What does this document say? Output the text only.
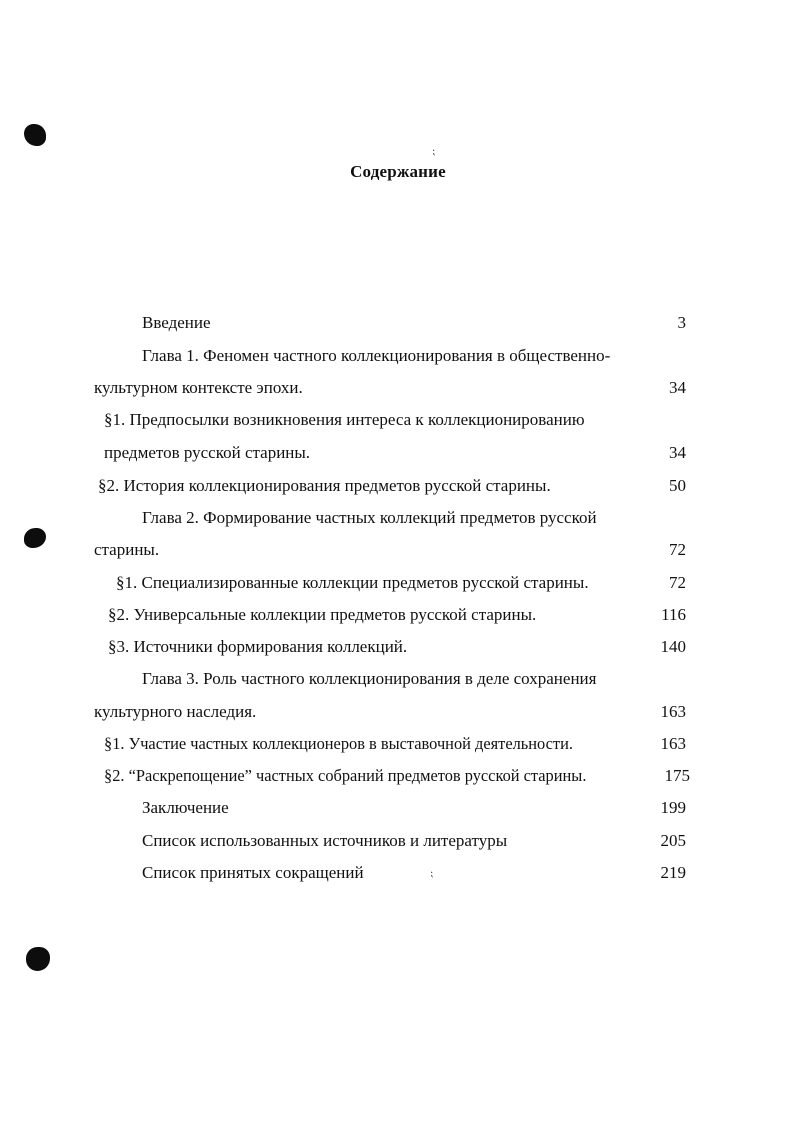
⁏
⁏
Содержание
Введение	3
Глава 1. Феномен частного коллекционирования в общественно-
культурном контексте эпохи.	34
§1. Предпосылки возникновения интереса к коллекционированию
предметов русской старины.	34
§2. История коллекционирования предметов русской старины.	50
Глава 2. Формирование частных коллекций предметов русской
старины.	72
§1. Специализированные коллекции предметов русской старины.	72
§2. Универсальные коллекции предметов русской старины.	116
§3. Источники формирования коллекций.	140
Глава 3. Роль частного коллекционирования в деле сохранения
культурного наследия.	163
§1. Участие частных коллекционеров в выставочной деятельности.	163
§2. “Раскрепощение” частных собраний предметов русской старины.	175
Заключение	199
Список использованных источников и литературы	205
Список принятых сокращений	219
